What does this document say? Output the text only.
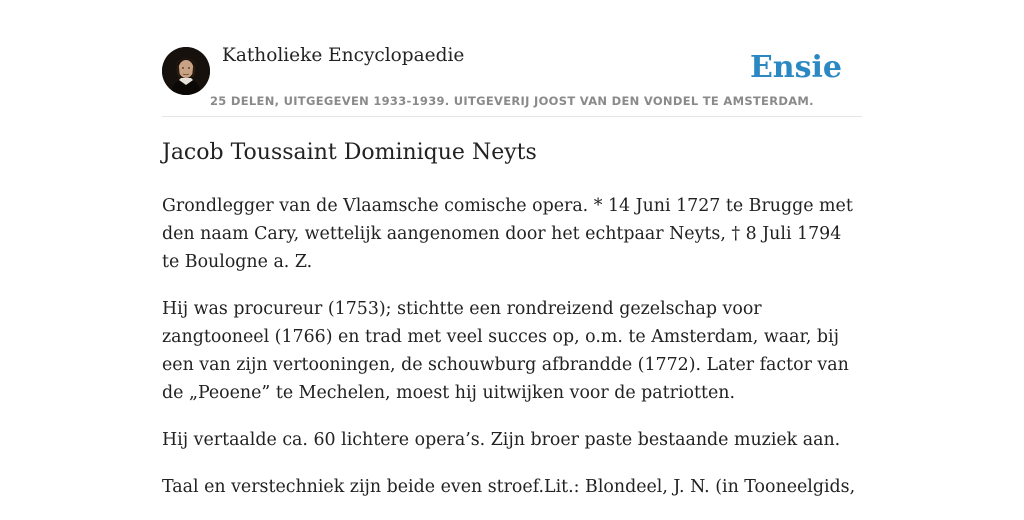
Katholieke Encyclopaedie
25 DELEN, UITGEGEVEN 1933-1939. UITGEVERIJ JOOST VAN DEN VONDEL TE AMSTERDAM.
Ensie
Jacob Toussaint Dominique Neyts

Grondlegger van de Vlaamsche comische opera. * 14 Juni 1727 te Brugge met den naam Cary, wettelijk aangenomen door het echtpaar Neyts, † 8 Juli 1794 te Boulogne a. Z.

Hij was procureur (1753); stichtte een rondreizend gezelschap voor zangtooneel (1766) en trad met veel succes op, o.m. te Amsterdam, waar, bij een van zijn vertooningen, de schouwburg afbrandde (1772). Later factor van de „Peoene” te Mechelen, moest hij uitwijken voor de patriotten.

Hij vertaalde ca. 60 lichtere opera’s. Zijn broer paste bestaande muziek aan.

Taal en verstechniek zijn beide even stroef.Lit.: Blondeel, J. N. (in Tooneelgids,
